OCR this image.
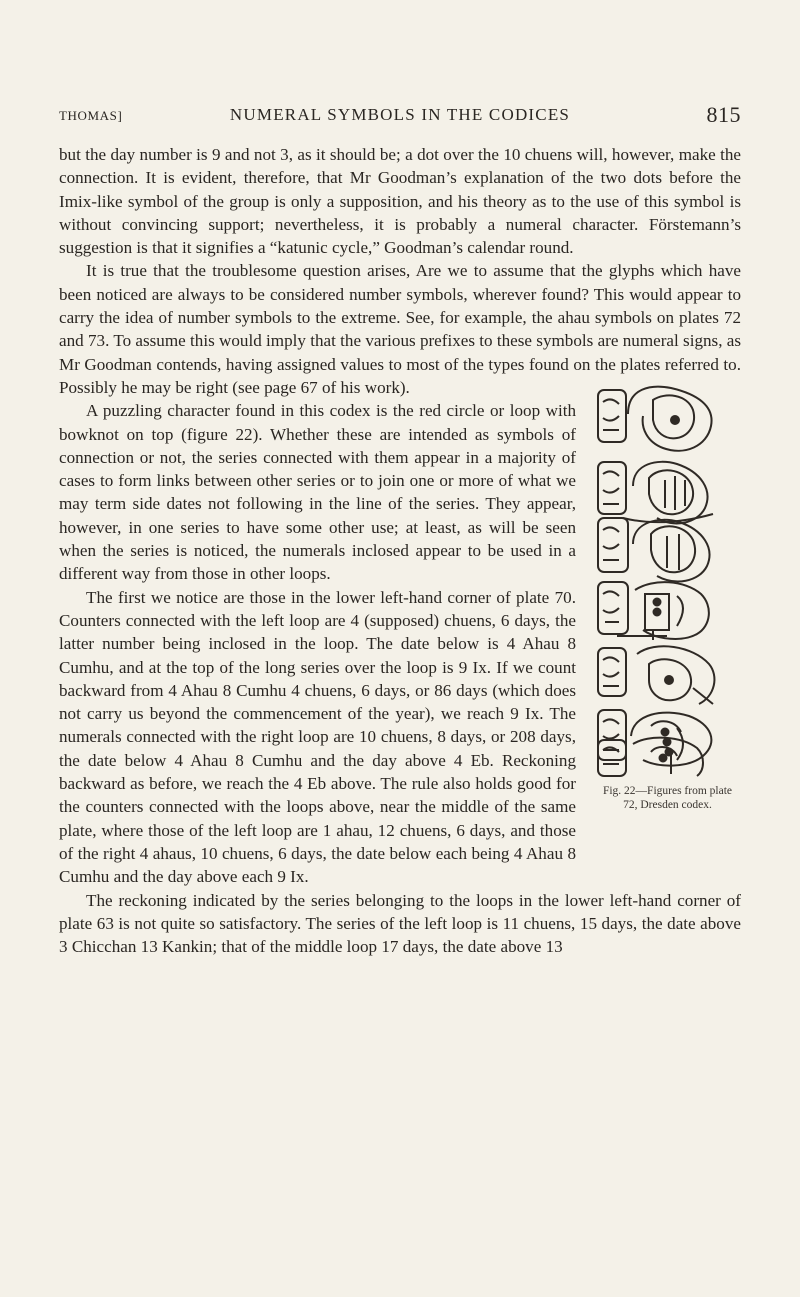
THOMAS]	NUMERAL SYMBOLS IN THE CODICES	815
Fig. 22—Figures from plate 72, Dresden codex.

but the day number is 9 and not 3, as it should be; a dot over the 10 chuens will, however, make the connection. It is evident, therefore, that Mr Goodman’s explanation of the two dots before the Imix-like symbol of the group is only a supposition, and his theory as to the use of this symbol is without convincing support; nevertheless, it is probably a numeral character. Förstemann’s suggestion is that it signifies a “katunic cycle,” Goodman’s calendar round.

It is true that the troublesome question arises, Are we to assume that the glyphs which have been noticed are always to be considered number symbols, wherever found? This would appear to carry the idea of number symbols to the extreme. See, for example, the ahau symbols on plates 72 and 73. To assume this would imply that the various prefixes to these symbols are numeral signs, as Mr Goodman contends, having assigned values to most of the types found on the plates referred to. Possibly he may be right (see page 67 of his work).

A puzzling character found in this codex is the red circle or loop with bowknot on top (figure 22). Whether these are intended as symbols of connection or not, the series connected with them appear in a majority of cases to form links between other series or to join one or more of what we may term side dates not following in the line of the series. They appear, however, in one series to have some other use; at least, as will be seen when the series is noticed, the numerals inclosed appear to be used in a different way from those in other loops.

The first we notice are those in the lower left-hand corner of plate 70. Counters connected with the left loop are 4 (supposed) chuens, 6 days, the latter number being inclosed in the loop. The date below is 4 Ahau 8 Cumhu, and at the top of the long series over the loop is 9 Ix. If we count backward from 4 Ahau 8 Cumhu 4 chuens, 6 days, or 86 days (which does not carry us beyond the commencement of the year), we reach 9 Ix. The numerals connected with the right loop are 10 chuens, 8 days, or 208 days, the date below 4 Ahau 8 Cumhu and the day above 4 Eb. Reckoning backward as before, we reach the 4 Eb above. The rule also holds good for the counters connected with the loops above, near the middle of the same plate, where those of the left loop are 1 ahau, 12 chuens, 6 days, and those of the right 4 ahaus, 10 chuens, 6 days, the date below each being 4 Ahau 8 Cumhu and the day above each 9 Ix.

The reckoning indicated by the series belonging to the loops in the lower left-hand corner of plate 63 is not quite so satisfactory. The series of the left loop is 11 chuens, 15 days, the date above 3 Chicchan 13 Kankin; that of the middle loop 17 days, the date above 13
